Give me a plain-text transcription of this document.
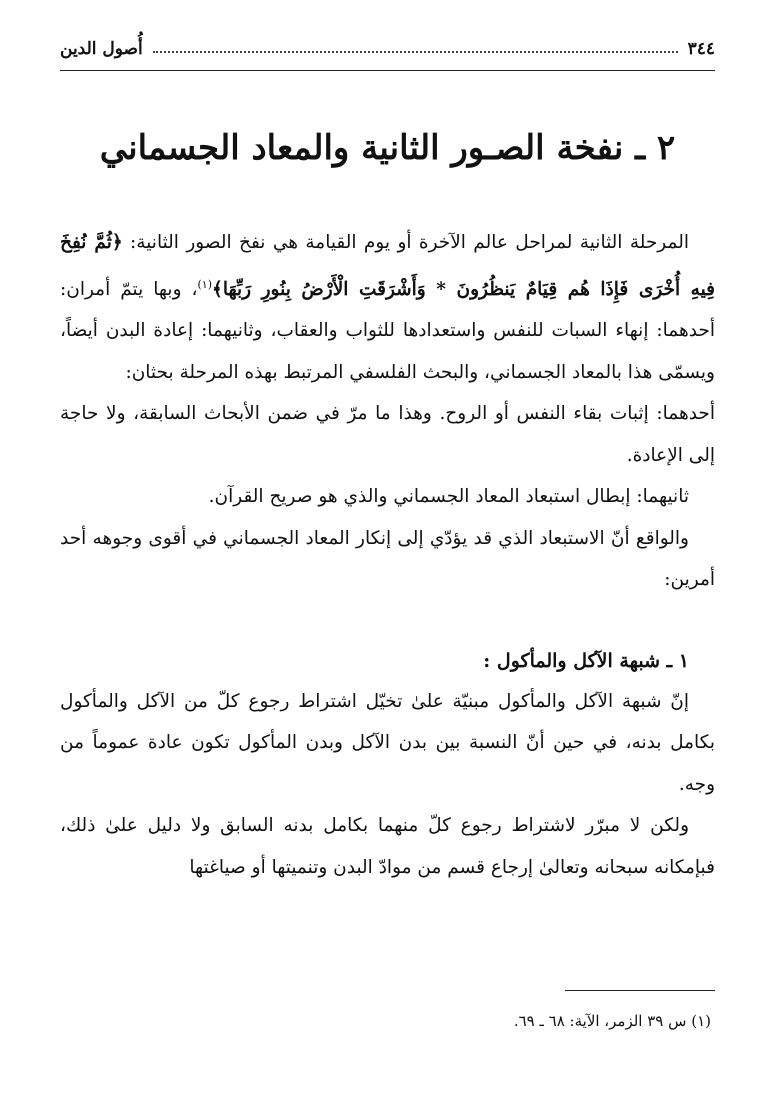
٣٤٤
أُصول الدين
٢ ـ نفخة الصـور الثانية والمعاد الجسماني

المرحلة الثانية لمراحل عالم الآخرة أو يوم القيامة هي نفخ الصور الثانية: ﴿ثُمَّ نُفِخَ فِيهِ أُخْرَى فَإِذَا هُم قِيَامٌ يَنظُرُونَ * وَأَشْرَقَتِ الْأَرْضُ بِنُورِ رَبِّهَا﴾$^{(١)}$، وبها يتمّ أمران: أحدهما: إنهاء السبات للنفس واستعدادها للثواب والعقاب، وثانيهما: إعادة البدن أيضاً، ويسمّى هذا بالمعاد الجسماني، والبحث الفلسفي المرتبط بهذه المرحلة بحثان:

أحدهما: إثبات بقاء النفس أو الروح. وهذا ما مرّ في ضمن الأبحاث السابقة، ولا حاجة إلى الإعادة.

ثانيهما: إبطال استبعاد المعاد الجسماني والذي هو صريح القرآن.

والواقع أنّ الاستبعاد الذي قد يؤدّي إلى إنكار المعاد الجسماني في أقوى وجوهه أحد أمرين:

١ ـ شبهة الآكل والمأكول :

إنّ شبهة الآكل والمأكول مبنيّة علىٰ تخيّل اشتراط رجوع كلّ من الآكل والمأكول بكامل بدنه، في حين أنّ النسبة بين بدن الآكل وبدن المأكول تكون عادة عموماً من وجه.

ولكن لا مبرّر لاشتراط رجوع كلّ منهما بكامل بدنه السابق ولا دليل علىٰ ذلك، فبإمكانه سبحانه وتعالىٰ إرجاع قسم من موادّ البدن وتنميتها أو صياغتها

(١) س ٣٩ الزمر، الآية: ٦٨ ـ ٦٩.
